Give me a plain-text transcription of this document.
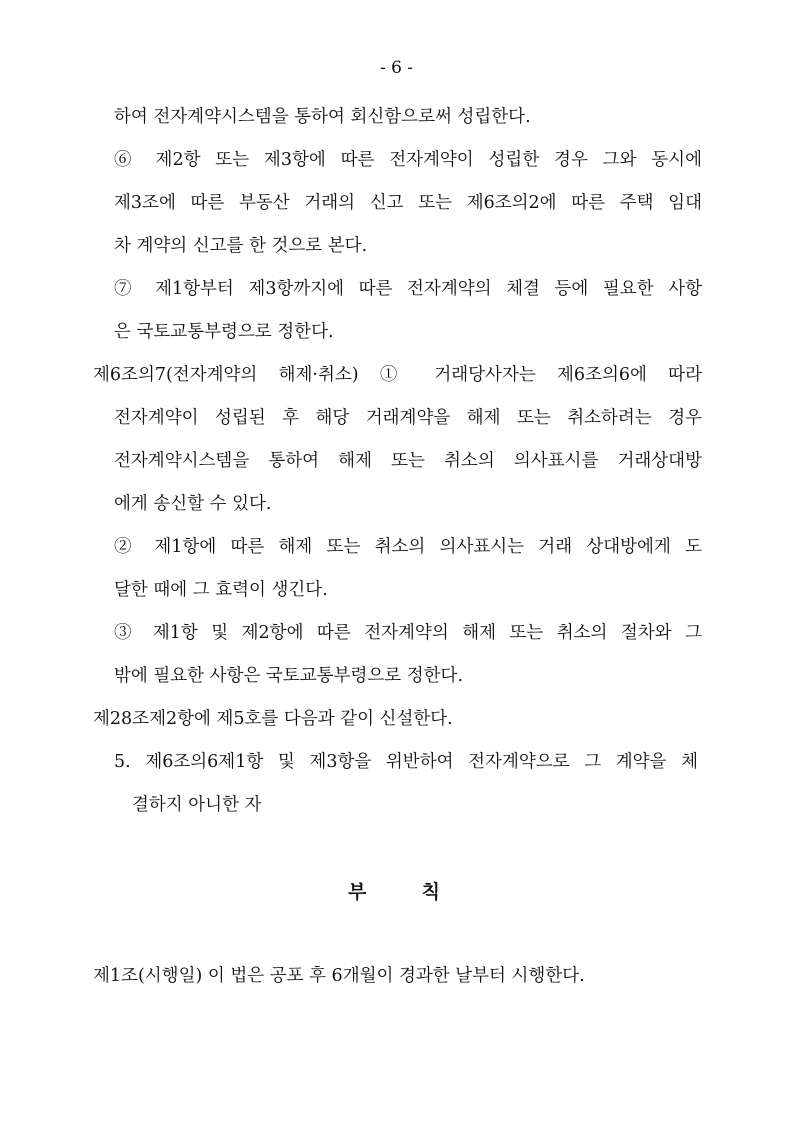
- 6 -
하여 전자계약시스템을 통하여 회신함으로써 성립한다.
⑥ 제2항 또는 제3항에 따른 전자계약이 성립한 경우 그와 동시에
제3조에 따른 부동산 거래의 신고 또는 제6조의2에 따른 주택 임대
차 계약의 신고를 한 것으로 본다.
⑦ 제1항부터 제3항까지에 따른 전자계약의 체결 등에 필요한 사항
은 국토교통부령으로 정한다.
제6조의7(전자계약의 해제·취소) ① 거래당사자는 제6조의6에 따라
전자계약이 성립된 후 해당 거래계약을 해제 또는 취소하려는 경우
전자계약시스템을 통하여 해제 또는 취소의 의사표시를 거래상대방
에게 송신할 수 있다.
② 제1항에 따른 해제 또는 취소의 의사표시는 거래 상대방에게 도
달한 때에 그 효력이 생긴다.
③ 제1항 및 제2항에 따른 전자계약의 해제 또는 취소의 절차와 그
밖에 필요한 사항은 국토교통부령으로 정한다.
제28조제2항에 제5호를 다음과 같이 신설한다.
5. 제6조의6제1항 및 제3항을 위반하여 전자계약으로 그 계약을 체
결하지 아니한 자
부	칙
제1조(시행일) 이 법은 공포 후 6개월이 경과한 날부터 시행한다.
